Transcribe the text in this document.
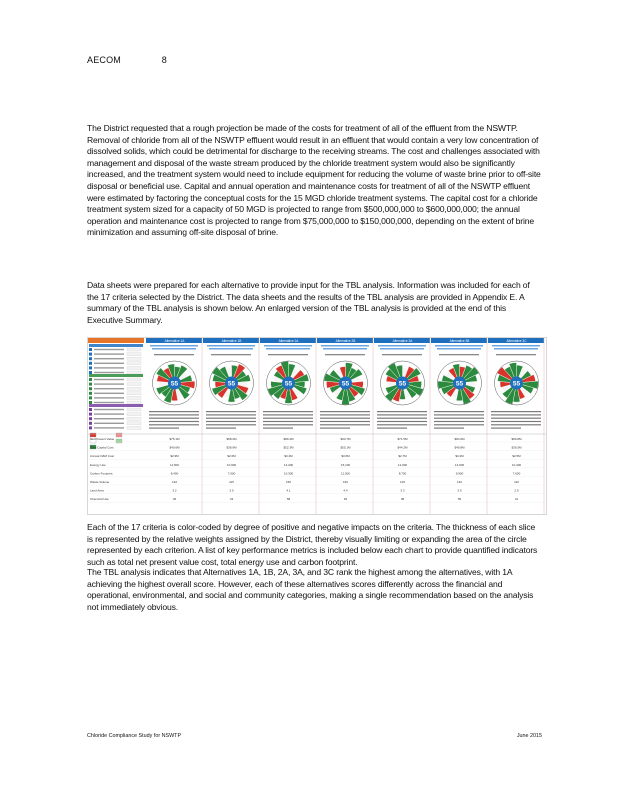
AECOM	8
The District requested that a rough projection be made of the costs for treatment of all of the effluent from the NSWTP. Removal of chloride from all of the NSWTP effluent would result in an effluent that would contain a very low concentration of dissolved solids, which could be detrimental for discharge to the receiving streams. The cost and challenges associated with management and disposal of the waste stream produced by the chloride treatment system would also be significantly increased, and the treatment system would need to include equipment for reducing the volume of waste brine prior to off-site disposal or beneficial use. Capital and annual operation and maintenance costs for treatment of all of the NSWTP effluent were estimated by factoring the conceptual costs for the 15 MGD chloride treatment systems. The capital cost for a chloride treatment system sized for a capacity of 50 MGD is projected to range from $500,000,000 to $600,000,000; the annual operation and maintenance cost is projected to range from $75,000,000 to $150,000,000, depending on the extent of brine minimization and assuming off-site disposal of brine.
Data sheets were prepared for each alternative to provide input for the TBL analysis. Information was included for each of the 17 criteria selected by the District. The data sheets and the results of the TBL analysis are provided in Appendix E. A summary of the TBL analysis is shown below. An enlarged version of the TBL analysis is provided at the end of this Executive Summary.
Alternative 1A
55
Alternative 1B
55
Alternative 2A
55
Alternative 2B
55
Alternative 3A
55
Alternative 3B
55
Alternative 3C
55
Net Present Value	$75.1M	$68.2M	$89.4M	$93.7M	$71.5M	$84.0M	$66.8M
Total Capital Cost	$40.6M	$38.9M	$52.3M	$55.1M	$44.2M	$49.8M	$36.5M
Annual O&M Cost	$2.9M	$2.6M	$3.4M	$3.6M	$2.7M	$3.2M	$2.5M
Energy Use	11,500	10,900	14,200	15,100	12,000	13,600	10,400
Carbon Footprint	8,400	7,900	10,300	11,000	8,700	9,900	7,600
Waste Volume	120	115	150	160	125	140	110
Land Area	3.2	3.0	4.1	4.4	3.3	3.9	2.9
Chemical Use	46	43	58	62	48	55	41
Each of the 17 criteria is color-coded by degree of positive and negative impacts on the criteria. The thickness of each slice is represented by the relative weights assigned by the District, thereby visually limiting or expanding the area of the circle represented by each criterion. A list of key performance metrics is included below each chart to provide quantified indicators such as total net present value cost, total energy use and carbon footprint.
The TBL analysis indicates that Alternatives 1A, 1B, 2A, 3A, and 3C rank the highest among the alternatives, with 1A achieving the highest overall score. However, each of these alternatives scores differently across the financial and operational, environmental, and social and community categories, making a single recommendation based on the analysis not immediately obvious.
Chloride Compliance Study for NSWTP	June 2015
